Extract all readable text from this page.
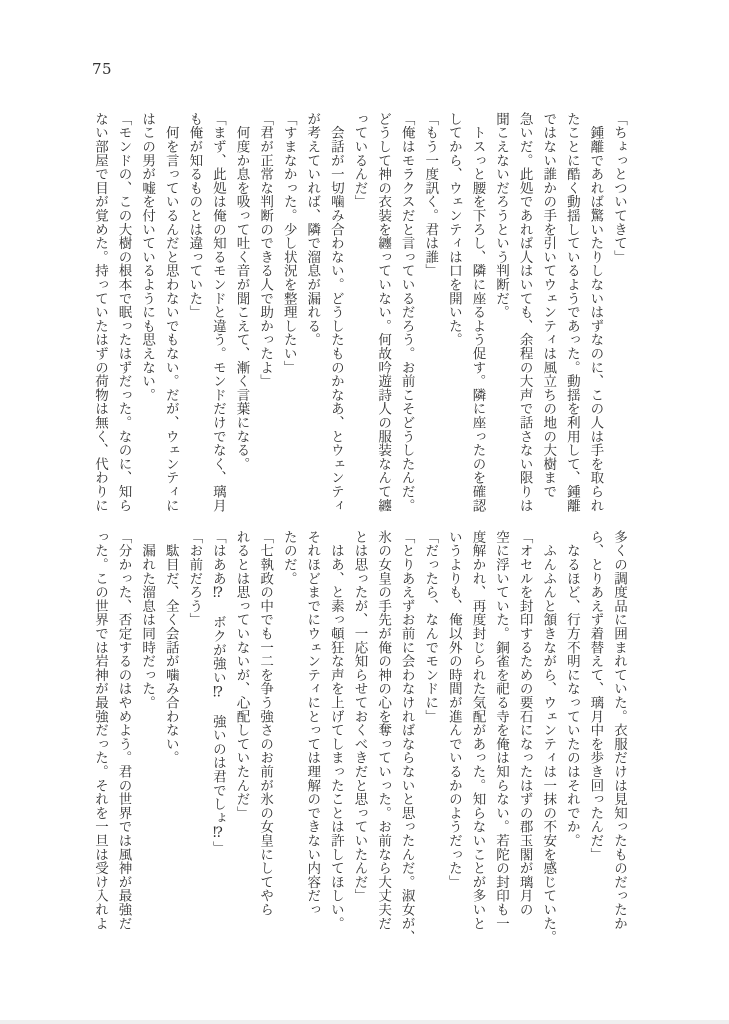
75
「ちょっとついてきて」
　鍾離であれば驚いたりしないはずなのに、この人は手を取られ
たことに酷く動揺しているようであった。動揺を利用して、鍾離
ではない誰かの手を引いてウェンティは風立ちの地の大樹まで
急いだ。此処であれば人はいても、余程の大声で話さない限りは
聞こえないだろうという判断だ。
　トスっと腰を下ろし、隣に座るよう促す。隣に座ったのを確認
してから、ウェンティは口を開いた。
「もう一度訊く。君は誰」
「俺はモラクスだと言っているだろう。お前こそどうしたんだ。
どうして神の衣装を纏っていない。何故吟遊詩人の服装なんて纏
っているんだ」
　会話が一切噛み合わない。どうしたものかなあ、とウェンティ
が考えていれば、隣で溜息が漏れる。
「すまなかった。少し状況を整理したい」
「君が正常な判断のできる人で助かったよ」
　何度か息を吸って吐く音が聞こえて、漸く言葉になる。
「まず、此処は俺の知るモンドと違う。モンドだけでなく、璃月
も俺が知るものとは違っていた」
　何を言っているんだと思わないでもない。だが、ウェンティに
はこの男が嘘を付いているようにも思えない。
「モンドの、この大樹の根本で眠ったはずだった。なのに、知ら
ない部屋で目が覚めた。持っていたはずの荷物は無く、代わりに
多くの調度品に囲まれていた。衣服だけは見知ったものだったか
ら、とりあえず着替えて、璃月中を歩き回ったんだ」
　なるほど、行方不明になっていたのはそれでか。
　ふんふんと頷きながら、ウェンティは一抹の不安を感じていた。
「オセルを封印するための要石になったはずの郡玉閣が璃月の
空に浮いていた。銅雀を祀る寺を俺は知らない。若陀の封印も一
度解かれ、再度封じられた気配があった。知らないことが多いと
いうよりも、俺以外の時間が進んでいるかのようだった」
「だったら、なんでモンドに」
「とりあえずお前に会わなければならないと思ったんだ。淑女が、
氷の女皇の手先が俺の神の心を奪っていった。お前なら大丈夫だ
とは思ったが、一応知らせておくべきだと思っていたんだ」
　はあ、と素っ頓狂な声を上げてしまったことは許してほしい。
それほどまでにウェンティにとっては理解のできない内容だっ
たのだ。
「七執政の中でも一二を争う強さのお前が氷の女皇にしてやら
れるとは思っていないが、心配していたんだ」
「はああ⁉　ボクが強い⁉　強いのは君でしょ⁉」
「お前だろう」
　駄目だ、全く会話が噛み合わない。
　漏れた溜息は同時だった。
「分かった、否定するのはやめよう。君の世界では風神が最強だ
った。この世界では岩神が最強だった。それを一旦は受け入れよ
